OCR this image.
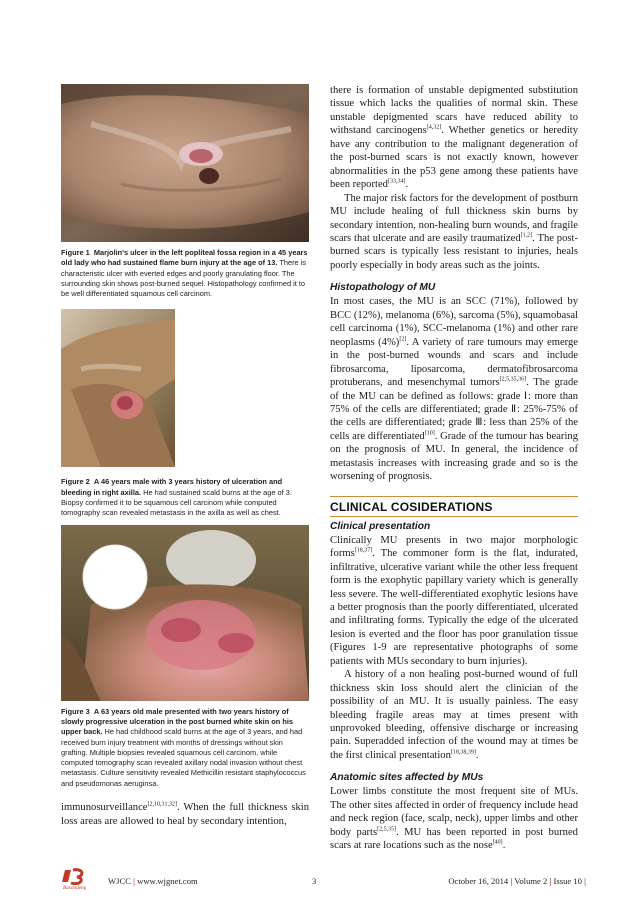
Figure 1 Marjolin's ulcer in the left popliteal fossa region in a 45 years old lady who had sustained flame burn injury at the age of 13. There is characteristic ulcer with everted edges and poorly granulating floor. The surrounding skin shows post-burned sequel. Histopathology confirmed it to be well differentiated squamous cell carcinom.
Figure 2 A 46 years male with 3 years history of ulceration and bleeding in right axilla. He had sustained scald burns at the age of 3. Biopsy confirmed it to be squamous cell carcinom while computed tomography scan revealed metastasis in the axilla as well as chest.
Figure 3 A 63 years old male presented with two years history of slowly progressive ulceration in the post burned white skin on his upper back. He had childhood scald burns at the age of 3 years, and had received burn injury treatment with months of dressings without skin grafting. Multiple biopsies revealed squamous cell carcinom, while computed tomography scan revealed axillary nodal invasion without chest metastasis. Culture sensitivity revealed Methicillin resistant staphylococcus and pseudomonas aeruginsa.

immunosurveillance[2,10,31,32]. When the full thickness skin loss areas are allowed to heal by secondary intention,

there is formation of unstable depigmented substitution tissue which lacks the qualities of normal skin. These unstable depigmented scars have reduced ability to withstand carcinogens[4,32]. Whether genetics or heredity have any contribution to the malignant degeneration of the post-burned scars is not exactly known, however abnormalities in the p53 gene among these patients have been reported[33,34].

The major risk factors for the development of postburn MU include healing of full thickness skin burns by secondary intention, non-healing burn wounds, and fragile scars that ulcerate and are easily traumatized[1,2]. The post-burned scars is typically less resistant to injuries, heals poorly especially in body areas such as the joints.

Histopathology of MU

In most cases, the MU is an SCC (71%), followed by BCC (12%), melanoma (6%), sarcoma (5%), squamobasal cell carcinoma (1%), SCC-melanoma (1%) and other rare neoplasms (4%)[2]. A variety of rare tumours may emerge in the post-burned wounds and scars and include fibrosarcoma, liposarcoma, dermatofibrosarcoma protuberans, and mesenchymal tumors[2,5,35,36]. The grade of the MU can be defined as follows: grade Ⅰ: more than 75% of the cells are differentiated; grade Ⅱ: 25%-75% of the cells are differentiated; grade Ⅲ: less than 25% of the cells are differentiated[10]. Grade of the tumour has bearing on the prognosis of MU. In general, the incidence of metastasis increases with increasing grade and so is the worsening of prognosis.

CLINICAL COSIDERATIONS
Clinical presentation

Clinically MU presents in two major morphologic forms[18,37]. The commoner form is the flat, indurated, infiltrative, ulcerative variant while the other less frequent form is the exophytic papillary variety which is generally less severe. The well-differentiated exophytic lesions have a better prognosis than the poorly differentiated, ulcerated and infiltrating forms. Typically the edge of the ulcerated lesion is everted and the floor has poor granulation tissue (Figures 1-9 are representative photographs of some patients with MUs secondary to burn injuries).

A history of a non healing post-burned wound of full thickness skin loss should alert the clinician of the possibility of an MU. It is usually painless. The easy bleeding fragile areas may at times present with unprovoked bleeding, offensive discharge or increasing pain. Superadded infection of the wound may at times be the first clinical presentation[18,38,39].

Anatomic sites affected by MUs

Lower limbs constitute the most frequent site of MUs. The other sites affected in order of frequency include head and neck region (face, scalp, neck), upper limbs and other body parts[2,5,35]. MU has been reported in post burned scars at rare locations such as the nose[40].

Baishideng
WJCC | www.wjgnet.com	3	October 16, 2014 | Volume 2 | Issue 10 |
